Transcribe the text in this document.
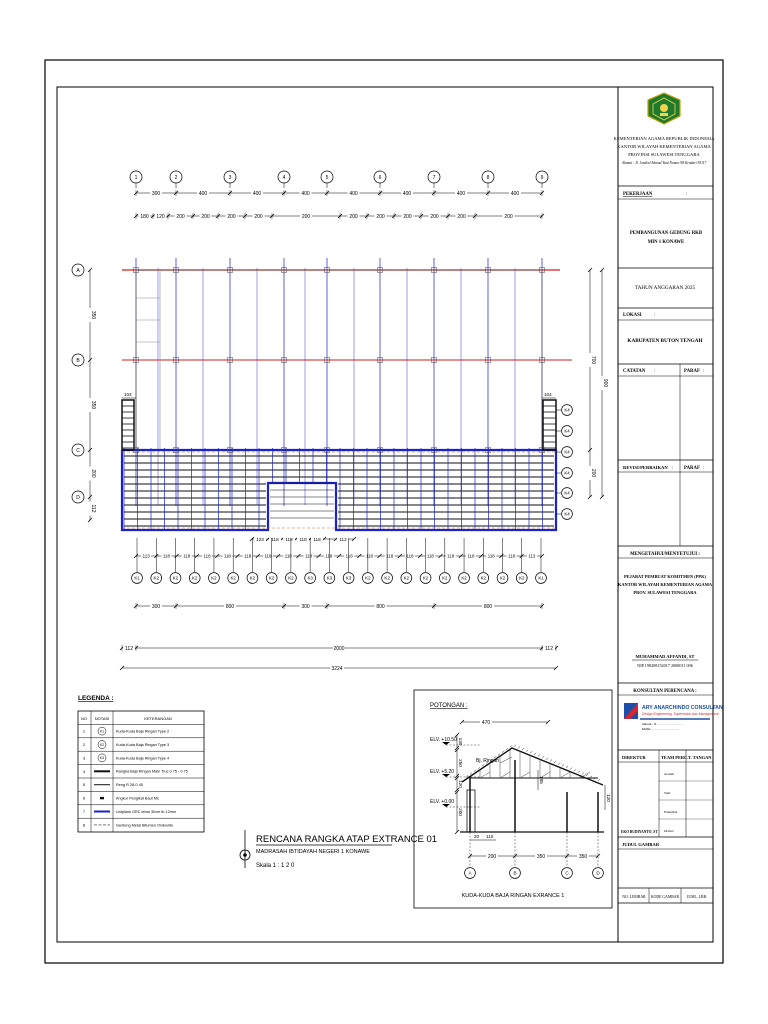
1	2	3	4	5	6	7	8	9
A
B
C
D
300	400	400	400	400	400	400	400
180 120 200	200	200	200	200	200	200	200	200	200	200
350
350
200
112
700
200
900
300	800	300	800	800
112	2000	112
3224
104	104
123 118 118 118 118	112
113	118	118	118	118	118	118	118	118	118	118	118	118	118	118	118	118	118	118	113
K1	K2	K2	K2	K2	K2	K2	K2	K2	K3	K3	K3	K2	K2	K2	K2	K2	K2	K2	K2	K2	K1
K4
K4
K4
K4
K4
K4
LEGENDA :
NO NOTASI	KETERANGAN
1	K1	Kuda-Kuda Baja Ringan Type 2
2	K2	Kuda-Kuda Baja Ringan Type 3
3	K3	Kuda-Kuda Baja Ringan Type 4
4	Rangka Baja Ringan Main Truc 0.75 - 0.75
5	Reng R 28-0.45
6	Angkur Pengikat Baut Ms
7	Listplank GRC lebar 30cm tb 12mm
8	Genteng Metal Bitumen Ondovilla
RENCANA RANGKA ATAP EXTRANCE 01
MADRASAH IBTIDAYAH NEGERI 1 KONAWE
Skala 1 : 1 2 0
POTONGAN :
ELV. +10.50
ELV. +5.20
ELV. +0.00
Bj. Ringan
470
130
250
120
200
185
120
20 110
200	350	350
A	B	C	D
KUDA-KUDA BAJA RINGAN EXRANCE 1
KEMENTERIAN AGAMA REPUBLIK INDONESIA
KANTOR WILAYAH KEMENTERIAN AGAMA
PROVINSI SULAWESI TENGGARA
Alamat : Jl. Jendral Ahmad Yani Nomor 98 Kendari 93117
PEKERJAAN	:
PEMBANGUNAN GEDUNG RKB
MIN 1 KONAWE
TAHUN ANGGARAN 2025
LOKASI	:
KABUPATEN BUTON TENGAH
CATATAN :	PARAF :
REVISI/PERBAIKAN : PARAF :
MENGETAHUI/MENYETUJUI :
PEJABAT PEMBUAT KOMITMEN (PPK)
KANTOR WILAYAH KEMENTERIAN AGAMA
PROV. SULAWESI TENGGARA
MUHAMMAD AFFANDI, ST
NIP 198208152017 2008011 006
KONSULTAN PERENCANA :
ARY ANARCHINDO CONSULTAN
Design Engineering, Supervision dan Management
Alamat : Jl. ...............................
EMAIL : ...............................
DIREKTUR	TEAM PERC. T. TANGAN
Arsitek
Sipil
Elektrikal
Drafter
EKO BUDIYANTO, ST
JUDUL GAMBAR
NO. LEMBAR KODE GAMBAR JUML. LBR.
